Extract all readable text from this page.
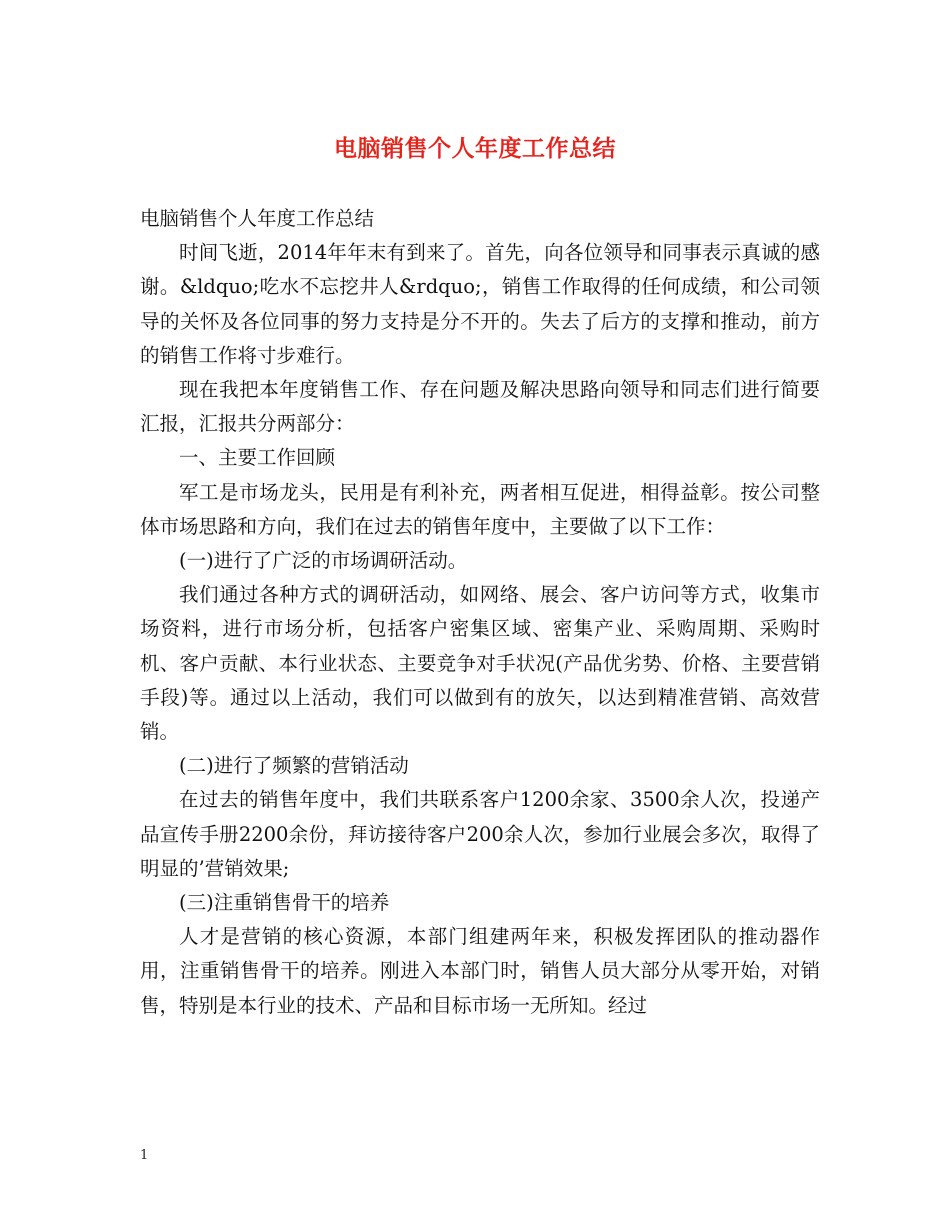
电脑销售个人年度工作总结

电脑销售个人年度工作总结

时间飞逝，2014年年末有到来了。首先，向各位领导和同事表示真诚的感谢。&ldquo;吃水不忘挖井人&rdquo;，销售工作取得的任何成绩，和公司领导的关怀及各位同事的努力支持是分不开的。失去了后方的支撑和推动，前方的销售工作将寸步难行。

现在我把本年度销售工作、存在问题及解决思路向领导和同志们进行简要汇报，汇报共分两部分：

一、主要工作回顾

军工是市场龙头，民用是有利补充，两者相互促进，相得益彰。按公司整体市场思路和方向，我们在过去的销售年度中，主要做了以下工作：

(一)进行了广泛的市场调研活动。

我们通过各种方式的调研活动，如网络、展会、客户访问等方式，收集市场资料，进行市场分析，包括客户密集区域、密集产业、采购周期、采购时机、客户贡献、本行业状态、主要竞争对手状况(产品优劣势、价格、主要营销手段)等。通过以上活动，我们可以做到有的放矢，以达到精准营销、高效营销。

(二)进行了频繁的营销活动

在过去的销售年度中，我们共联系客户1200余家、3500余人次，投递产品宣传手册2200余份，拜访接待客户200余人次，参加行业展会多次，取得了明显的’营销效果;

(三)注重销售骨干的培养

人才是营销的核心资源，本部门组建两年来，积极发挥团队的推动器作用，注重销售骨干的培养。刚进入本部门时，销售人员大部分从零开始，对销售，特别是本行业的技术、产品和目标市场一无所知。经过

1
